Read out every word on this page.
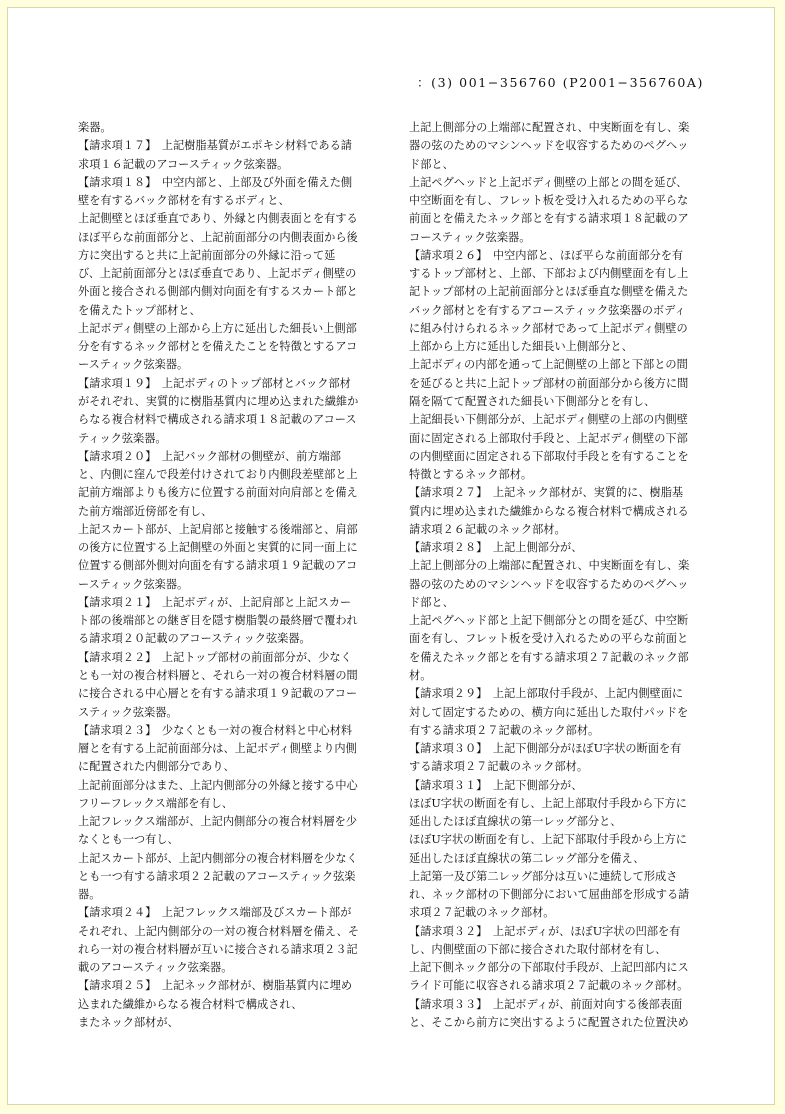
：(3) 001−356760 (P2001−356760A)
楽器。
【請求項１７】　上記樹脂基質がエポキシ材料である請
求項１６記載のアコースティック弦楽器。
【請求項１８】　中空内部と、上部及び外面を備えた側
壁を有するバック部材を有するボディと、
上記側壁とほぼ垂直であり、外縁と内側表面とを有する
ほぼ平らな前面部分と、上記前面部分の内側表面から後
方に突出すると共に上記前面部分の外縁に沿って延
び、上記前面部分とほぼ垂直であり、上記ボディ側壁の
外面と接合される側部内側対向面を有するスカート部と
を備えたトップ部材と、
上記ボディ側壁の上部から上方に延出した細長い上側部
分を有するネック部材とを備えたことを特徴とするアコ
ースティック弦楽器。
【請求項１９】　上記ボディのトップ部材とバック部材
がそれぞれ、実質的に樹脂基質内に埋め込まれた繊維か
らなる複合材料で構成される請求項１８記載のアコース
ティック弦楽器。
【請求項２０】　上記バック部材の側壁が、前方端部
と、内側に窪んで段差付けされており内側段差壁部と上
記前方端部よりも後方に位置する前面対向肩部とを備え
た前方端部近傍部を有し、
上記スカート部が、上記肩部と接触する後端部と、肩部
の後方に位置する上記側壁の外面と実質的に同一面上に
位置する側部外側対向面を有する請求項１９記載のアコ
ースティック弦楽器。
【請求項２１】　上記ボディが、上記肩部と上記スカー
ト部の後端部との継ぎ目を隠す樹脂製の最終層で覆われ
る請求項２０記載のアコースティック弦楽器。
【請求項２２】　上記トップ部材の前面部分が、少なく
とも一対の複合材料層と、それら一対の複合材料層の間
に接合される中心層とを有する請求項１９記載のアコー
スティック弦楽器。
【請求項２３】　少なくとも一対の複合材料と中心材料
層とを有する上記前面部分は、上記ボディ側壁より内側
に配置された内側部分であり、
上記前面部分はまた、上記内側部分の外縁と接する中心
フリーフレックス端部を有し、
上記フレックス端部が、上記内側部分の複合材料層を少
なくとも一つ有し、
上記スカート部が、上記内側部分の複合材料層を少なく
とも一つ有する請求項２２記載のアコースティック弦楽
器。
【請求項２４】　上記フレックス端部及びスカート部が
それぞれ、上記内側部分の一対の複合材料層を備え、そ
れら一対の複合材料層が互いに接合される請求項２３記
載のアコースティック弦楽器。
【請求項２５】　上記ネック部材が、樹脂基質内に埋め
込まれた繊維からなる複合材料で構成され、
またネック部材が、
上記上側部分の上端部に配置され、中実断面を有し、楽
器の弦のためのマシンヘッドを収容するためのペグヘッ
ド部と、
上記ペグヘッドと上記ボディ側壁の上部との間を延び、
中空断面を有し、フレット板を受け入れるための平らな
前面とを備えたネック部とを有する請求項１８記載のア
コースティック弦楽器。
【請求項２６】　中空内部と、ほぼ平らな前面部分を有
するトップ部材と、上部、下部および内側壁面を有し上
記トップ部材の上記前面部分とほぼ垂直な側壁を備えた
バック部材とを有するアコースティック弦楽器のボディ
に組み付けられるネック部材であって上記ボディ側壁の
上部から上方に延出した細長い上側部分と、
上記ボディの内部を通って上記側壁の上部と下部との間
を延びると共に上記トップ部材の前面部分から後方に間
隔を隔てて配置された細長い下側部分とを有し、
上記細長い下側部分が、上記ボディ側壁の上部の内側壁
面に固定される上部取付手段と、上記ボディ側壁の下部
の内側壁面に固定される下部取付手段とを有することを
特徴とするネック部材。
【請求項２７】　上記ネック部材が、実質的に、樹脂基
質内に埋め込まれた繊維からなる複合材料で構成される
請求項２６記載のネック部材。
【請求項２８】　上記上側部分が、
上記上側部分の上端部に配置され、中実断面を有し、楽
器の弦のためのマシンヘッドを収容するためのペグヘッ
ド部と、
上記ペグヘッド部と上記下側部分との間を延び、中空断
面を有し、フレット板を受け入れるための平らな前面と
を備えたネック部とを有する請求項２７記載のネック部
材。
【請求項２９】　上記上部取付手段が、上記内側壁面に
対して固定するための、横方向に延出した取付パッドを
有する請求項２７記載のネック部材。
【請求項３０】　上記下側部分がほぼU字状の断面を有
する請求項２７記載のネック部材。
【請求項３１】　上記下側部分が、
ほぼU字状の断面を有し、上記上部取付手段から下方に
延出したほぼ直線状の第一レッグ部分と、
ほぼU字状の断面を有し、上記下部取付手段から上方に
延出したほぼ直線状の第二レッグ部分を備え、
上記第一及び第二レッグ部分は互いに連続して形成さ
れ、ネック部材の下側部分において屈曲部を形成する請
求項２７記載のネック部材。
【請求項３２】　上記ボディが、ほぼU字状の凹部を有
し、内側壁面の下部に接合された取付部材を有し、
上記下側ネック部分の下部取付手段が、上記凹部内にス
ライド可能に収容される請求項２７記載のネック部材。
【請求項３３】　上記ボディが、前面対向する後部表面
と、そこから前方に突出するように配置された位置決め
